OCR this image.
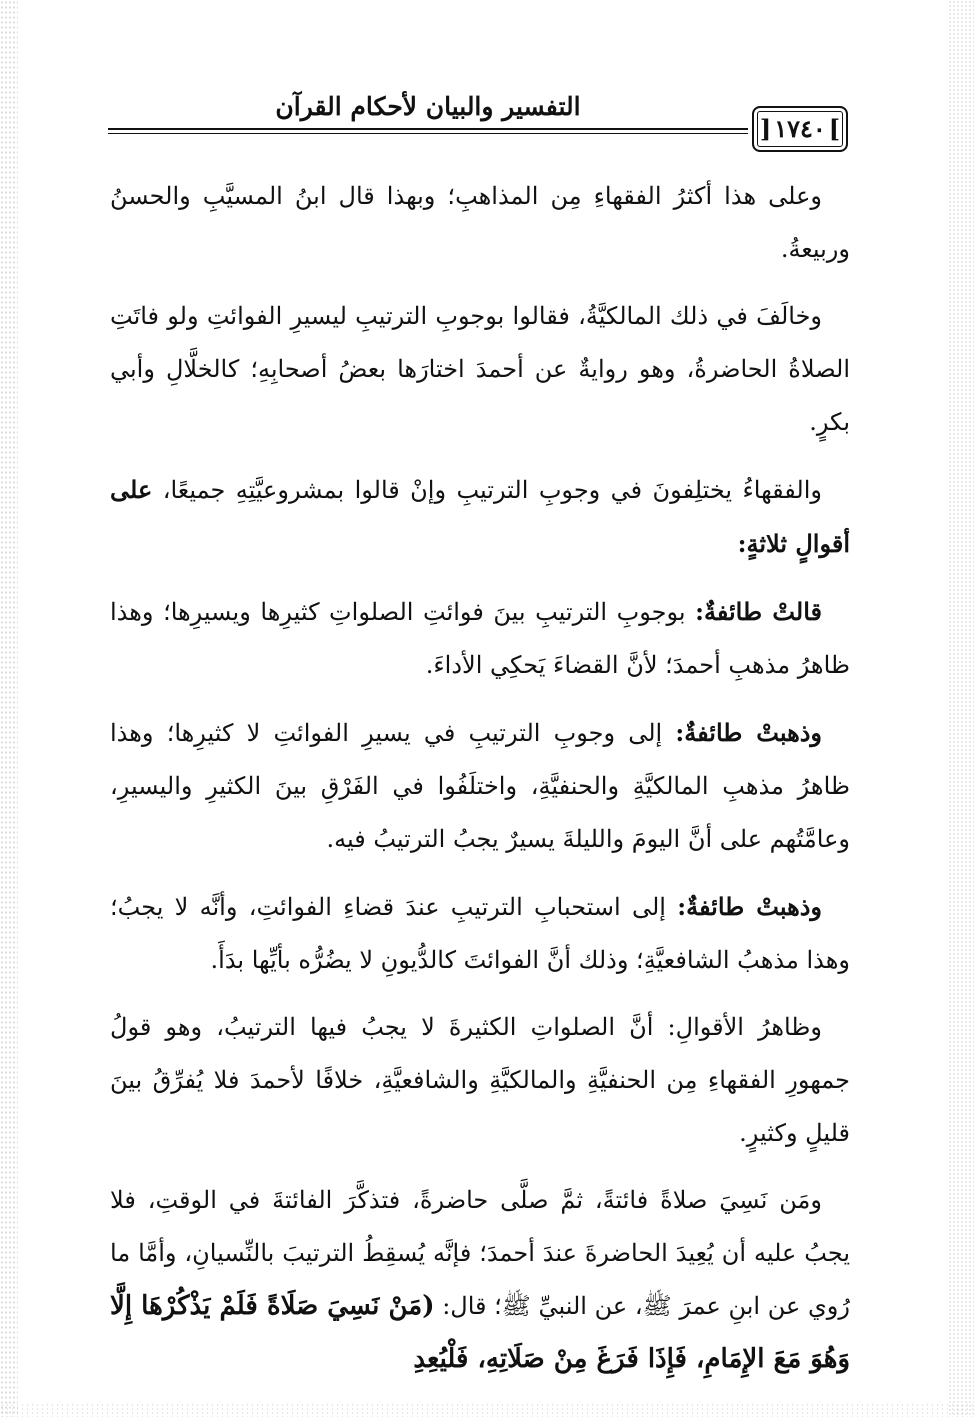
التفسير والبيان لأحكام القرآن
] ١٧٤٠ [

وعلى هذا أكثرُ الفقهاءِ مِن المذاهبِ؛ وبهذا قال ابنُ المسيَّبِ والحسنُ وربيعةُ.

وخالَفَ في ذلك المالكيَّةُ، فقالوا بوجوبِ الترتيبِ ليسيرِ الفوائتِ ولو فاتَتِ الصلاةُ الحاضرةُ، وهو روايةٌ عن أحمدَ اختارَها بعضُ أصحابِهِ؛ كالخلَّالِ وأبي بكرٍ.

والفقهاءُ يختلِفونَ في وجوبِ الترتيبِ وإنْ قالوا بمشروعيَّتِهِ جميعًا، على أقوالٍ ثلاثةٍ:

قالتْ طائفةٌ: بوجوبِ الترتيبِ بينَ فوائتِ الصلواتِ كثيرِها ويسيرِها؛ وهذا ظاهرُ مذهبِ أحمدَ؛ لأنَّ القضاءَ يَحكِي الأداءَ.

وذهبتْ طائفةٌ: إلى وجوبِ الترتيبِ في يسيرِ الفوائتِ لا كثيرِها؛ وهذا ظاهرُ مذهبِ المالكيَّةِ والحنفيَّةِ، واختلَفُوا في الفَرْقِ بينَ الكثيرِ واليسيرِ، وعامَّتُهم على أنَّ اليومَ والليلةَ يسيرٌ يجبُ الترتيبُ فيه.

وذهبتْ طائفةٌ: إلى استحبابِ الترتيبِ عندَ قضاءِ الفوائتِ، وأنَّه لا يجبُ؛ وهذا مذهبُ الشافعيَّةِ؛ وذلك أنَّ الفوائتَ كالدُّيونِ لا يضُرُّه بأيِّها بدَأَ.

وظاهرُ الأقوالِ: أنَّ الصلواتِ الكثيرةَ لا يجبُ فيها الترتيبُ، وهو قولُ جمهورِ الفقهاءِ مِن الحنفيَّةِ والمالكيَّةِ والشافعيَّةِ، خلافًا لأحمدَ فلا يُفرِّقُ بينَ قليلٍ وكثيرٍ.

ومَن نَسِيَ صلاةً فائتةً، ثمَّ صلَّى حاضرةً، فتذكَّرَ الفائتةَ في الوقتِ، فلا يجبُ عليه أن يُعِيدَ الحاضرةَ عندَ أحمدَ؛ فإنَّه يُسقِطُ الترتيبَ بالنِّسيانِ، وأمَّا ما رُوي عن ابنِ عمرَ ﷺ، عن النبيِّ ﷺ؛ قال: (مَنْ نَسِيَ صَلَاةً فَلَمْ يَذْكُرْهَا إِلَّا وَهُوَ مَعَ الإِمَامِ، فَإِذَا فَرَغَ مِنْ صَلَاتِهِ، فَلْيُعِدِ
